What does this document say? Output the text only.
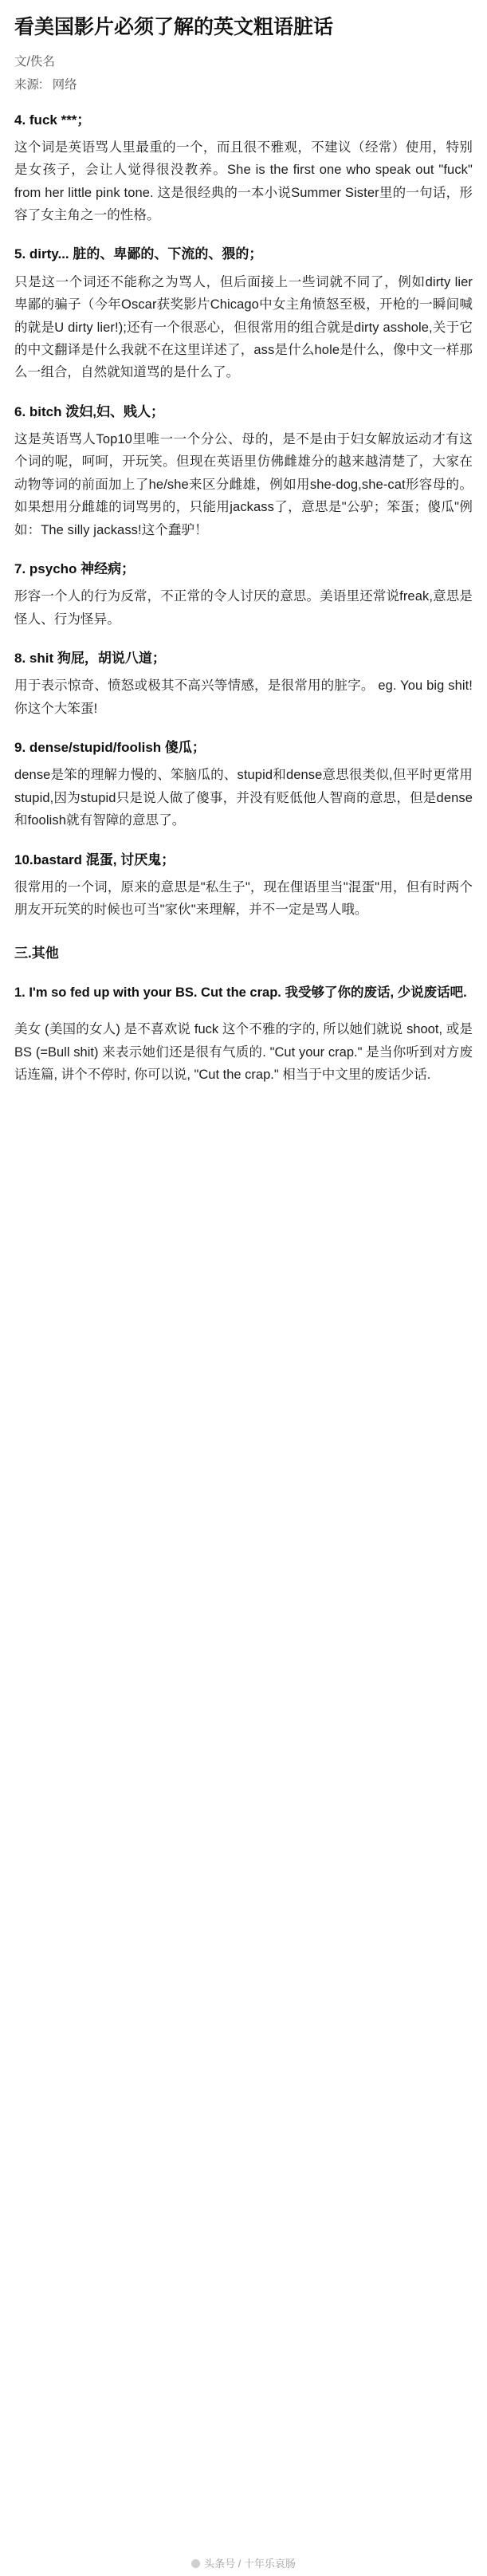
看美国影片必须了解的英文粗语脏话
文/佚名
来源: 网络
4. fuck ***；

这个词是英语骂人里最重的一个，而且很不雅观，不建议（经常）使用，特别是女孩子，会让人觉得很没教养。She is the first one who speak out "fuck" from her little pink tone. 这是很经典的一本小说Summer Sister里的一句话，形容了女主角之一的性格。

5. dirty... 脏的、卑鄙的、下流的、猥的；

只是这一个词还不能称之为骂人，但后面接上一些词就不同了，例如dirty lier 卑鄙的骗子（今年Oscar获奖影片Chicago中女主角愤怒至极，开枪的一瞬间喊的就是U dirty lier!);还有一个很恶心，但很常用的组合就是dirty asshole,关于它的中文翻译是什么我就不在这里详述了，ass是什么hole是什么，像中文一样那么一组合，自然就知道骂的是什么了。

6. bitch 泼妇,妇、贱人；

这是英语骂人Top10里唯一一个分公、母的，是不是由于妇女解放运动才有这个词的呢，呵呵，开玩笑。但现在英语里仿佛雌雄分的越来越清楚了，大家在动物等词的前面加上了he/she来区分雌雄，例如用she-dog,she-cat形容母的。如果想用分雌雄的词骂男的，只能用jackass了，意思是"公驴；笨蛋；傻瓜"例如：The silly jackass!这个蠢驴！

7. psycho 神经病；

形容一个人的行为反常，不正常的令人讨厌的意思。美语里还常说freak,意思是怪人、行为怪异。

8. shit 狗屁，胡说八道；

用于表示惊奇、愤怒或极其不高兴等情感，是很常用的脏字。 eg. You big shit!你这个大笨蛋!

9. dense/stupid/foolish 傻瓜；

dense是笨的理解力慢的、笨脑瓜的、stupid和dense意思很类似,但平时更常用stupid,因为stupid只是说人做了傻事，并没有贬低他人智商的意思，但是dense和foolish就有智障的意思了。

10.bastard 混蛋, 讨厌鬼；

很常用的一个词，原来的意思是"私生子"，现在俚语里当"混蛋"用，但有时两个朋友开玩笑的时候也可当"家伙"来理解，并不一定是骂人哦。

三.其他
1. I'm so fed up with your BS. Cut the crap. 我受够了你的废话, 少说废话吧.

美女 (美国的女人) 是不喜欢说 fuck 这个不雅的字的, 所以她们就说 shoot, 或是 BS (=Bull shit) 来表示她们还是很有气质的. "Cut your crap." 是当你听到对方废话连篇, 讲个不停时, 你可以说, "Cut the crap." 相当于中文里的废话少话.

头条号 / 十年乐哀肠
